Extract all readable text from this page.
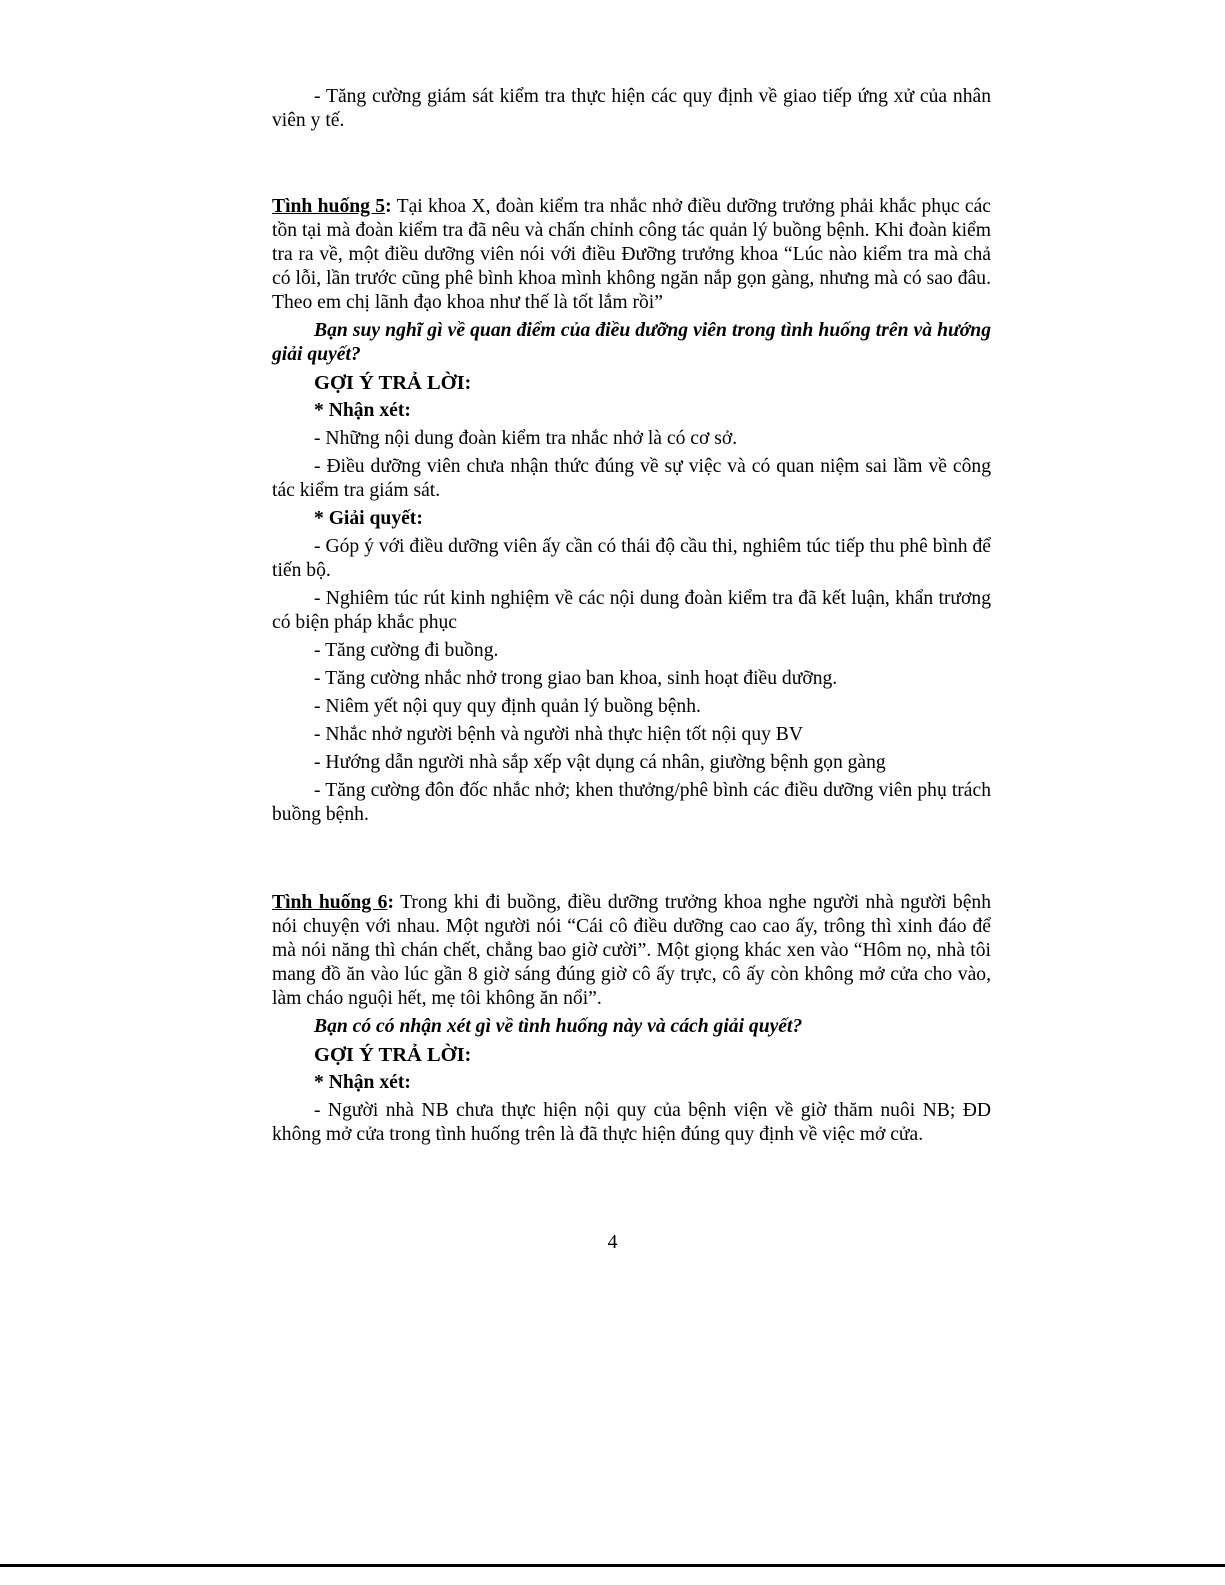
- Tăng cường giám sát kiểm tra thực hiện các quy định về giao tiếp ứng xử của nhân viên y tế.

Tình huống 5: Tại khoa X, đoàn kiểm tra nhắc nhở điều dưỡng trưởng phải khắc phục các tồn tại mà đoàn kiểm tra đã nêu và chấn chỉnh công tác quản lý buồng bệnh. Khi đoàn kiểm tra ra về, một điều dưỡng viên nói với điều Đưỡng trưởng khoa “Lúc nào kiểm tra mà chả có lỗi, lần trước cũng phê bình khoa mình không ngăn nắp gọn gàng, nhưng mà có sao đâu. Theo em chị lãnh đạo khoa như thế là tốt lắm rồi”

Bạn suy nghĩ gì về quan điểm của điều dưỡng viên trong tình huống trên và hướng giải quyết?

GỢI Ý TRẢ LỜI:

* Nhận xét:

- Những nội dung đoàn kiểm tra nhắc nhở là có cơ sở.

- Điều dưỡng viên chưa nhận thức đúng về sự việc và có quan niệm sai lầm về công tác kiểm tra giám sát.

* Giải quyết:

- Góp ý với điều dưỡng viên ấy cần có thái độ cầu thi, nghiêm túc tiếp thu phê bình để tiến bộ.

- Nghiêm túc rút kinh nghiệm về các nội dung đoàn kiểm tra đã kết luận, khẩn trương có biện pháp khắc phục

- Tăng cường đi buồng.

- Tăng cường nhắc nhở trong giao ban khoa, sinh hoạt điều dưỡng.

- Niêm yết nội quy quy định quản lý buồng bệnh.

- Nhắc nhở người bệnh và người nhà thực hiện tốt nội quy BV

- Hướng dẫn người nhà sắp xếp vật dụng cá nhân, giường bệnh gọn gàng

- Tăng cường đôn đốc nhắc nhở; khen thưởng/phê bình các điều dưỡng viên phụ trách buồng bệnh.

Tình huống 6: Trong khi đi buồng, điều dưỡng trưởng khoa nghe người nhà người bệnh nói chuyện với nhau. Một người nói “Cái cô điều dưỡng cao cao ấy, trông thì xinh đáo để mà nói năng thì chán chết, chẳng bao giờ cười”. Một giọng khác xen vào “Hôm nọ, nhà tôi mang đồ ăn vào lúc gần 8 giờ sáng đúng giờ cô ấy trực, cô ấy còn không mở cửa cho vào, làm cháo nguội hết, mẹ tôi không ăn nổi”.

Bạn có có nhận xét gì về tình huống này và cách giải quyết?

GỢI Ý TRẢ LỜI:

* Nhận xét:

- Người nhà NB chưa thực hiện nội quy của bệnh viện về giờ thăm nuôi NB; ĐD không mở cửa trong tình huống trên là đã thực hiện đúng quy định về việc mở cửa.

4
